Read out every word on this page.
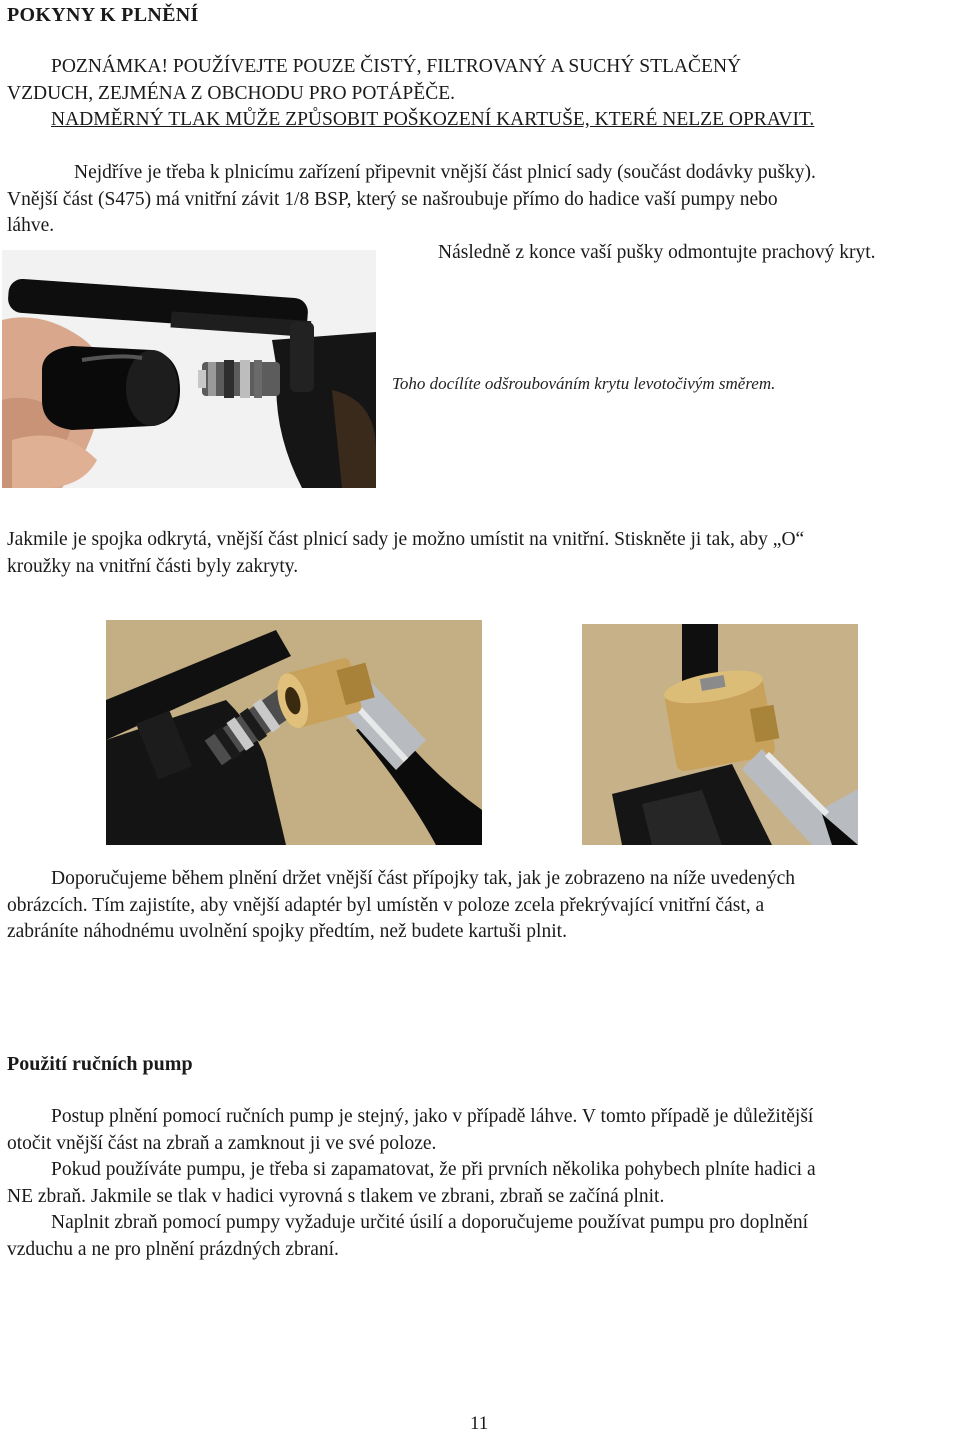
POKYNY K PLNĚNÍ
POZNÁMKA! POUŽÍVEJTE POUZE ČISTÝ, FILTROVANÝ A SUCHÝ STLAČENÝ
VZDUCH, ZEJMÉNA Z OBCHODU PRO POTÁPĚČE.
NADMĚRNÝ TLAK MŮŽE ZPŮSOBIT POŠKOZENÍ KARTUŠE, KTERÉ NELZE OPRAVIT.
Nejdříve je třeba k plnicímu zařízení připevnit vnější část plnicí sady (součást dodávky pušky).
Vnější část (S475) má vnitřní závit 1/8 BSP, který se našroubuje přímo do hadice vaší pumpy nebo
láhve.
Následně z konce vaší pušky odmontujte prachový kryt.
Toho docílíte odšroubováním krytu levotočivým směrem.
Jakmile je spojka odkrytá, vnější část plnicí sady je možno umístit na vnitřní. Stiskněte ji tak, aby „O“
kroužky na vnitřní části byly zakryty.
Doporučujeme během plnění držet vnější část přípojky tak, jak je zobrazeno na níže uvedených
obrázcích. Tím zajistíte, aby vnější adaptér byl umístěn v poloze zcela překrývající vnitřní část, a
zabráníte náhodnému uvolnění spojky předtím, než budete kartuši plnit.
Použití ručních pump
Postup plnění pomocí ručních pump je stejný, jako v případě láhve. V tomto případě je důležitější
otočit vnější část na zbraň a zamknout ji ve své poloze.
Pokud používáte pumpu, je třeba si zapamatovat, že při prvních několika pohybech plníte hadici a
NE zbraň. Jakmile se tlak v hadici vyrovná s tlakem ve zbrani, zbraň se začíná plnit.
Naplnit zbraň pomocí pumpy vyžaduje určité úsilí a doporučujeme používat pumpu pro doplnění
vzduchu a ne pro plnění prázdných zbraní.
11
